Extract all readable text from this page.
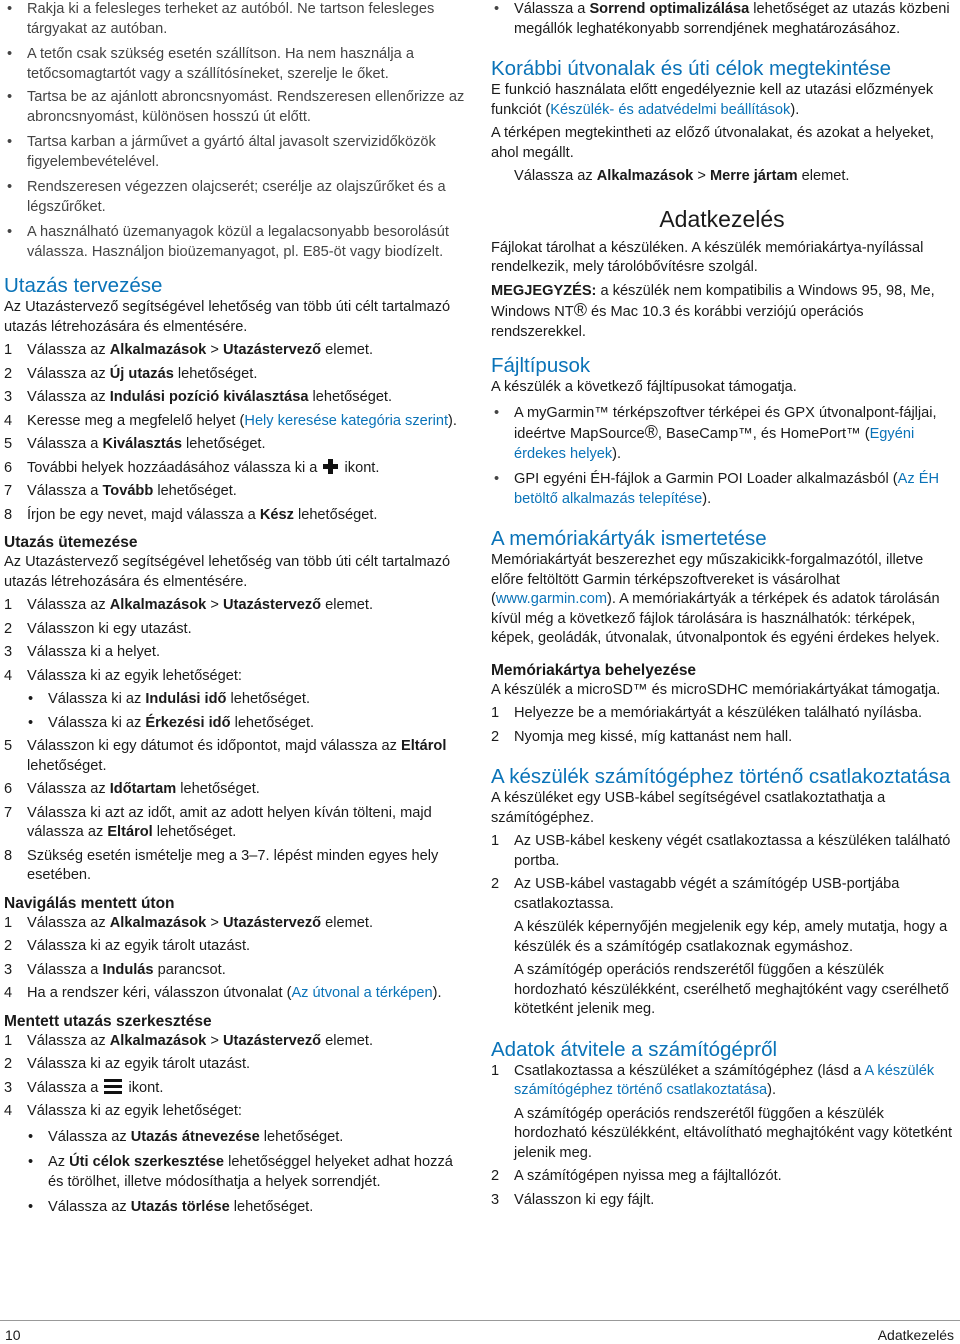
• Rakja ki a felesleges terheket az autóból. Ne tartson felesleges tárgyakat az autóban.
• A tetőn csak szükség esetén szállítson. Ha nem használja a tetőcsomagtartót vagy a szállítósíneket, szerelje le őket.
• Tartsa be az ajánlott abroncsnyomást. Rendszeresen ellenőrizze az abroncsnyomást, különösen hosszú út előtt.
• Tartsa karban a járművet a gyártó által javasolt szervizidőközök figyelembevételével.
• Rendszeresen végezzen olajcserét; cserélje az olajszűrőket és a légszűrőket.
• A használható üzemanyagok közül a legalacsonyabb besorolásút válassza. Használjon bioüzemanyagot, pl. E85-öt vagy biodízelt.
Utazás tervezése

Az Utazástervező segítségével lehetőség van több úti célt tartalmazó utazás létrehozására és elmentésére.

1 Válassza az Alkalmazások > Utazástervező elemet.
2 Válassza az Új utazás lehetőséget.
3 Válassza az Indulási pozíció kiválasztása lehetőséget.
4 Keresse meg a megfelelő helyet (Hely keresése kategória szerint).
5 Válassza a Kiválasztás lehetőséget.
6 További helyek hozzáadásához válassza ki a  ikont.
7 Válassza a Tovább lehetőséget.
8 Írjon be egy nevet, majd válassza a Kész lehetőséget.
Utazás ütemezése

Az Utazástervező segítségével lehetőség van több úti célt tartalmazó utazás létrehozására és elmentésére.

1 Válassza az Alkalmazások > Utazástervező elemet.
2 Válasszon ki egy utazást.
3 Válassza ki a helyet.
4 Válassza ki az egyik lehetőséget:
• Válassza ki az Indulási idő lehetőséget.
• Válassza ki az Érkezési idő lehetőséget.
5 Válasszon ki egy dátumot és időpontot, majd válassza az Eltárol lehetőséget.
6 Válassza az Időtartam lehetőséget.
7 Válassza ki azt az időt, amit az adott helyen kíván tölteni, majd válassza az Eltárol lehetőséget.
8 Szükség esetén ismételje meg a 3–7. lépést minden egyes hely esetében.
Navigálás mentett úton
1 Válassza az Alkalmazások > Utazástervező elemet.
2 Válassza ki az egyik tárolt utazást.
3 Válassza a Indulás parancsot.
4 Ha a rendszer kéri, válasszon útvonalat (Az útvonal a térképen).
Mentett utazás szerkesztése
1 Válassza az Alkalmazások > Utazástervező elemet.
2 Válassza ki az egyik tárolt utazást.
3 Válassza a  ikont.
4 Válassza ki az egyik lehetőséget:
• Válassza az Utazás átnevezése lehetőséget.
• Az Úti célok szerkesztése lehetőséggel helyeket adhat hozzá és törölhet, illetve módosíthatja a helyek sorrendjét.
• Válassza az Utazás törlése lehetőséget.
• Válassza a Sorrend optimalizálása lehetőséget az utazás közbeni megállók leghatékonyabb sorrendjének meghatározásához.
Korábbi útvonalak és úti célok megtekintése

E funkció használata előtt engedélyeznie kell az utazási előzmények funkciót (Készülék- és adatvédelmi beállítások).

A térképen megtekintheti az előző útvonalakat, és azokat a helyeket, ahol megállt.

Válassza az Alkalmazások > Merre jártam elemet.

Adatkezelés

Fájlokat tárolhat a készüléken. A készülék memóriakártya-nyílással rendelkezik, mely tárolóbővítésre szolgál.

MEGJEGYZÉS: a készülék nem kompatibilis a Windows 95, 98, Me, Windows NT® és Mac 10.3 és korábbi verziójú operációs rendszerekkel.

Fájltípusok

A készülék a következő fájltípusokat támogatja.

• A myGarmin™ térképszoftver térképei és GPX útvonalpont-fájljai, ideértve MapSource®, BaseCamp™, és HomePort™ (Egyéni érdekes helyek).
• GPI egyéni ÉH-fájlok a Garmin POI Loader alkalmazásból (Az ÉH betöltő alkalmazás telepítése).
A memóriakártyák ismertetése

Memóriakártyát beszerezhet egy műszakicikk-forgalmazótól, illetve előre feltöltött Garmin térképszoftvereket is vásárolhat (www.garmin.com). A memóriakártyák a térképek és adatok tárolásán kívül még a következő fájlok tárolására is használhatók: térképek, képek, geoládák, útvonalak, útvonalpontok és egyéni érdekes helyek.

Memóriakártya behelyezése

A készülék a microSD™ és microSDHC memóriakártyákat támogatja.

1 Helyezze be a memóriakártyát a készüléken található nyílásba.
2 Nyomja meg kissé, míg kattanást nem hall.
A készülék számítógéphez történő csatlakoztatása

A készüléket egy USB-kábel segítségével csatlakoztathatja a számítógéphez.

1 Az USB-kábel keskeny végét csatlakoztassa a készüléken található portba.
2 Az USB-kábel vastagabb végét a számítógép USB-portjába csatlakoztassa.

A készülék képernyőjén megjelenik egy kép, amely mutatja, hogy a készülék és a számítógép csatlakoznak egymáshoz.

A számítógép operációs rendszerétől függően a készülék hordozható készülékként, cserélhető meghajtóként vagy cserélhető kötetként jelenik meg.

Adatok átvitele a számítógépről
1 Csatlakoztassa a készüléket a számítógéphez (lásd a A készülék számítógéphez történő csatlakoztatása).

A számítógép operációs rendszerétől függően a készülék hordozható készülékként, eltávolítható meghajtóként vagy kötetként jelenik meg.

2 A számítógépen nyissa meg a fájltallózót.
3 Válasszon ki egy fájlt.
10	Adatkezelés
